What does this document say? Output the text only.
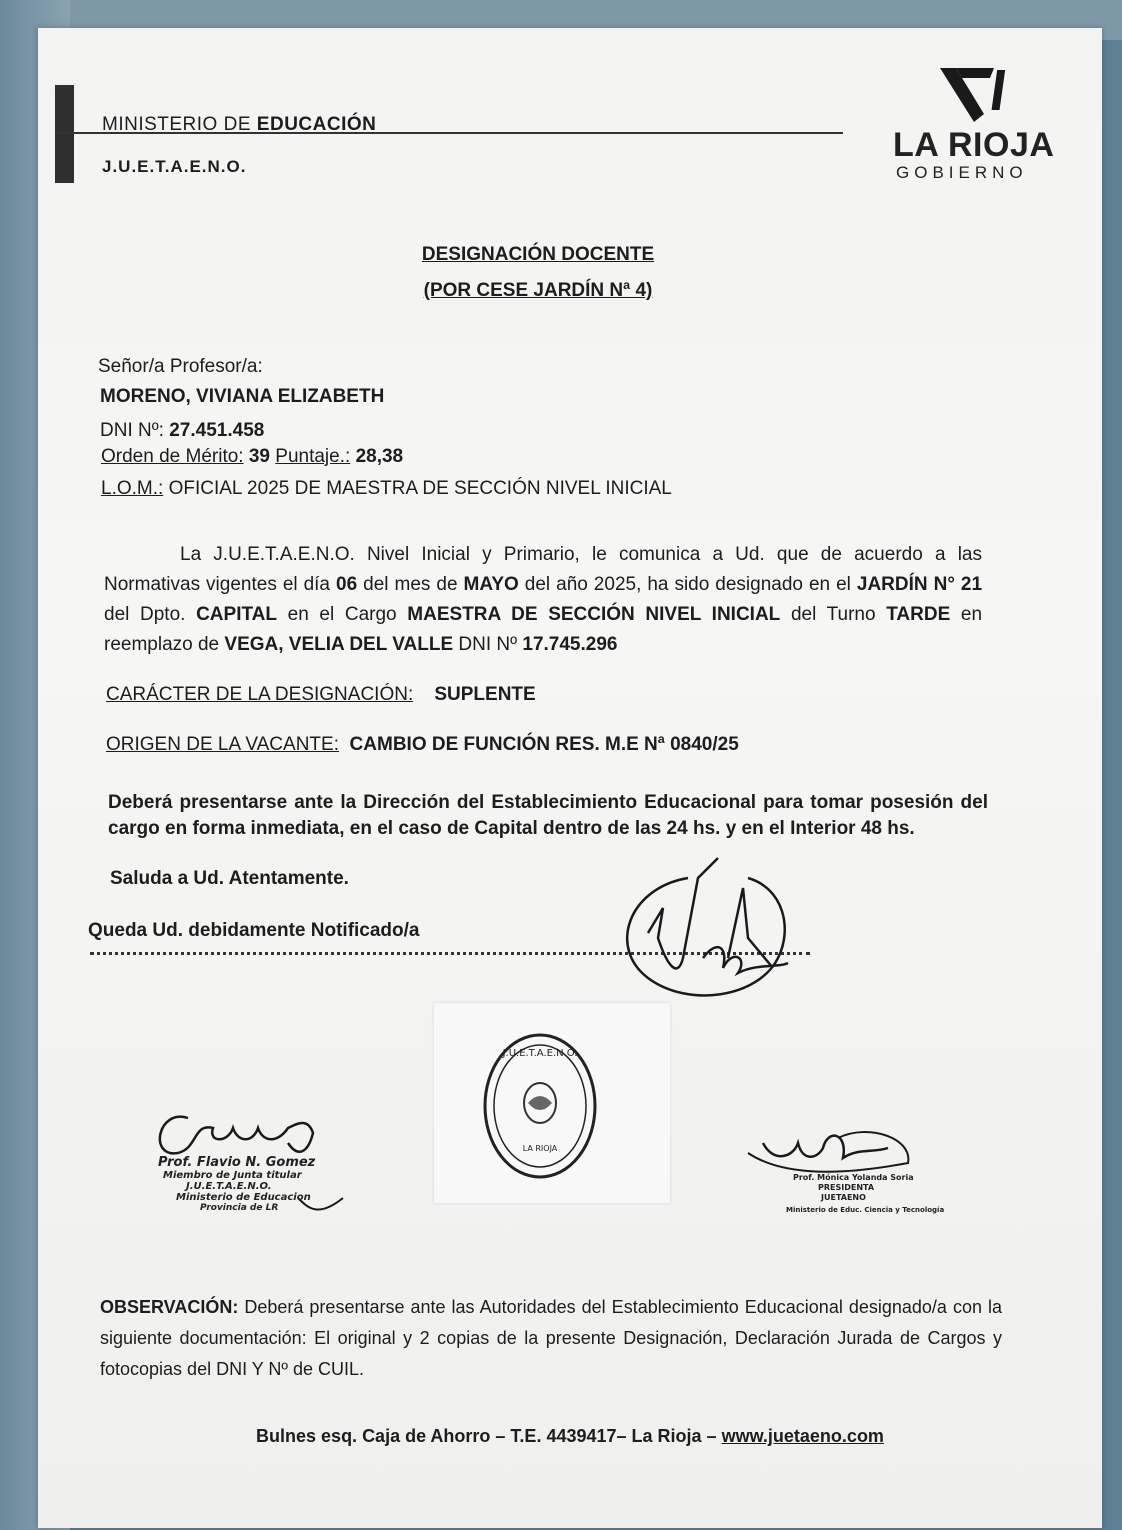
MINISTERIO DE EDUCACIÓN
J.U.E.T.A.E.N.O.
LA RIOJA
GOBIERNO
DESIGNACIÓN DOCENTE
(POR CESE JARDÍN Nª 4)
Señor/a Profesor/a:
MORENO, VIVIANA ELIZABETH
DNI Nº: 27.451.458
Orden de Mérito: 39 Puntaje.: 28,38
L.O.M.: OFICIAL 2025 DE MAESTRA DE SECCIÓN NIVEL INICIAL
La J.U.E.T.A.E.N.O. Nivel Inicial y Primario, le comunica a Ud. que de acuerdo a las Normativas vigentes el día 06 del mes de MAYO del año 2025, ha sido designado en el JARDÍN N° 21 del Dpto. CAPITAL en el Cargo MAESTRA DE SECCIÓN NIVEL INICIAL del Turno TARDE en reemplazo de VEGA, VELIA DEL VALLE DNI Nº 17.745.296
CARÁCTER DE LA DESIGNACIÓN: SUPLENTE
ORIGEN DE LA VACANTE: CAMBIO DE FUNCIÓN RES. M.E Nª 0840/25
Deberá presentarse ante la Dirección del Establecimiento Educacional para tomar posesión del cargo en forma inmediata, en el caso de Capital dentro de las 24 hs. y en el Interior 48 hs.
Saluda a Ud. Atentamente.
Queda Ud. debidamente Notificado/a
J.U.E.T.A.E.N.O.
LA RIOJA
Prof. Flavio N. Gomez
Miembro de Junta titular
J.U.E.T.A.E.N.O.
Ministerio de Educacion
Provincia de LR
Prof. Mónica Yolanda Soria
PRESIDENTA
JUETAENO
Ministerio de Educ. Ciencia y Tecnología
OBSERVACIÓN: Deberá presentarse ante las Autoridades del Establecimiento Educacional designado/a con la siguiente documentación: El original y 2 copias de la presente Designación, Declaración Jurada de Cargos y fotocopias del DNI Y Nº de CUIL.
Bulnes esq. Caja de Ahorro – T.E. 4439417– La Rioja – www.juetaeno.com
